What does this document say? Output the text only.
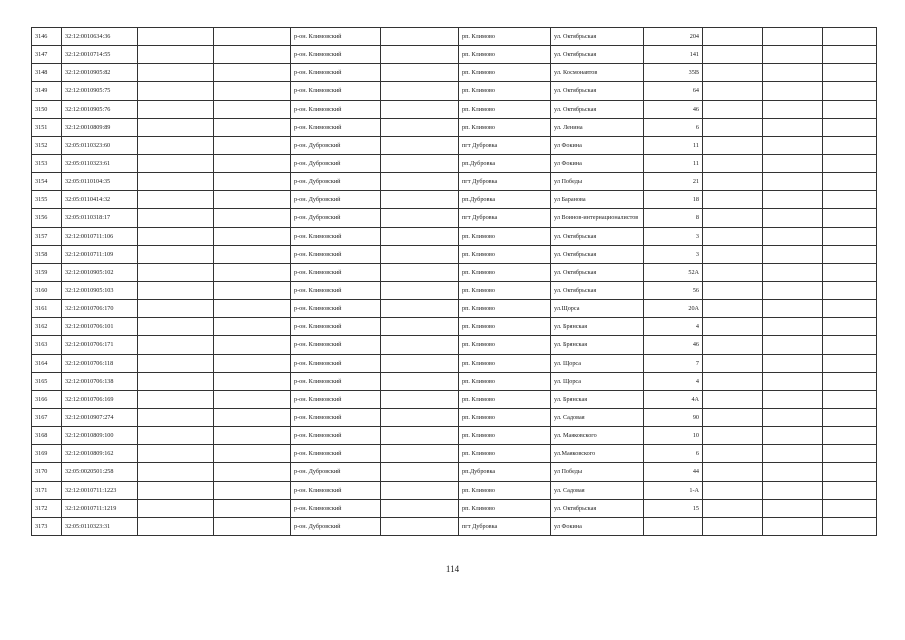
3146	32:12:0010634:36			р-он. Климовский		рп. Климово	ул. Октябрьская	204			
3147	32:12:0010714:55			р-он. Климовский		рп. Климово	ул. Октябрьская	141			
3148	32:12:0010905:82			р-он. Климовский		рп. Климово	ул. Космонавтов	35В			
3149	32:12:0010905:75			р-он. Климовский		рп. Климово	ул. Октябрьская	64			
3150	32:12:0010905:76			р-он. Климовский		рп. Климово	ул. Октябрьская	46			
3151	32:12:0010809:89			р-он. Климовский		рп. Климово	ул. Ленина	6			
3152	32:05:0110323:60			р-он. Дубровский		пгт Дубровка	ул Фокина	11			
3153	32:05:0110323:61			р-он. Дубровский		рп.Дубровка	ул Фокина	11			
3154	32:05:0110104:35			р-он. Дубровский		пгт Дубровка	ул Победы	21			
3155	32:05:0110414:32			р-он. Дубровский		рп.Дубровка	ул Баранова	18			
3156	32:05:0110318:17			р-он. Дубровский		пгт Дубровка	ул Воинов-интернационалистов	8			
3157	32:12:0010711:106			р-он. Климовский		рп. Климово	ул. Октябрьская	3			
3158	32:12:0010711:109			р-он. Климовский		рп. Климово	ул. Октябрьская	3			
3159	32:12:0010905:102			р-он. Климовский		рп. Климово	ул. Октябрьская	52А			
3160	32:12:0010905:103			р-он. Климовский		рп. Климово	ул. Октябрьская	56			
3161	32:12:0010706:170			р-он. Климовский		рп. Климово	ул.Щорса	20А			
3162	32:12:0010706:101			р-он. Климовский		рп. Климово	ул. Брянская	4			
3163	32:12:0010706:171			р-он. Климовский		рп. Климово	ул. Брянская	46			
3164	32:12:0010706:118			р-он. Климовский		рп. Климово	ул. Щорса	7			
3165	32:12:0010706:138			р-он. Климовский		рп. Климово	ул. Щорса	4			
3166	32:12:0010706:169			р-он. Климовский		рп. Климово	ул. Брянская	4А			
3167	32:12:0010907:274			р-он. Климовский		рп. Климово	ул. Садовая	90			
3168	32:12:0010809:100			р-он. Климовский		рп. Климово	ул. Маяковского	10			
3169	32:12:0010809:162			р-он. Климовский		рп. Климово	ул.Маяковского	6			
3170	32:05:0020501:258			р-он. Дубровский		рп.Дубровка	ул Победы	44			
3171	32:12:0010711:1223			р-он. Климовский		рп. Климово	ул. Садовая	1-А			
3172	32:12:0010711:1219			р-он. Климовский		рп. Климово	ул. Октябрьская	15			
3173	32:05:0110323:31			р-он. Дубровский		пгт Дубровка	ул Фокина				
114
